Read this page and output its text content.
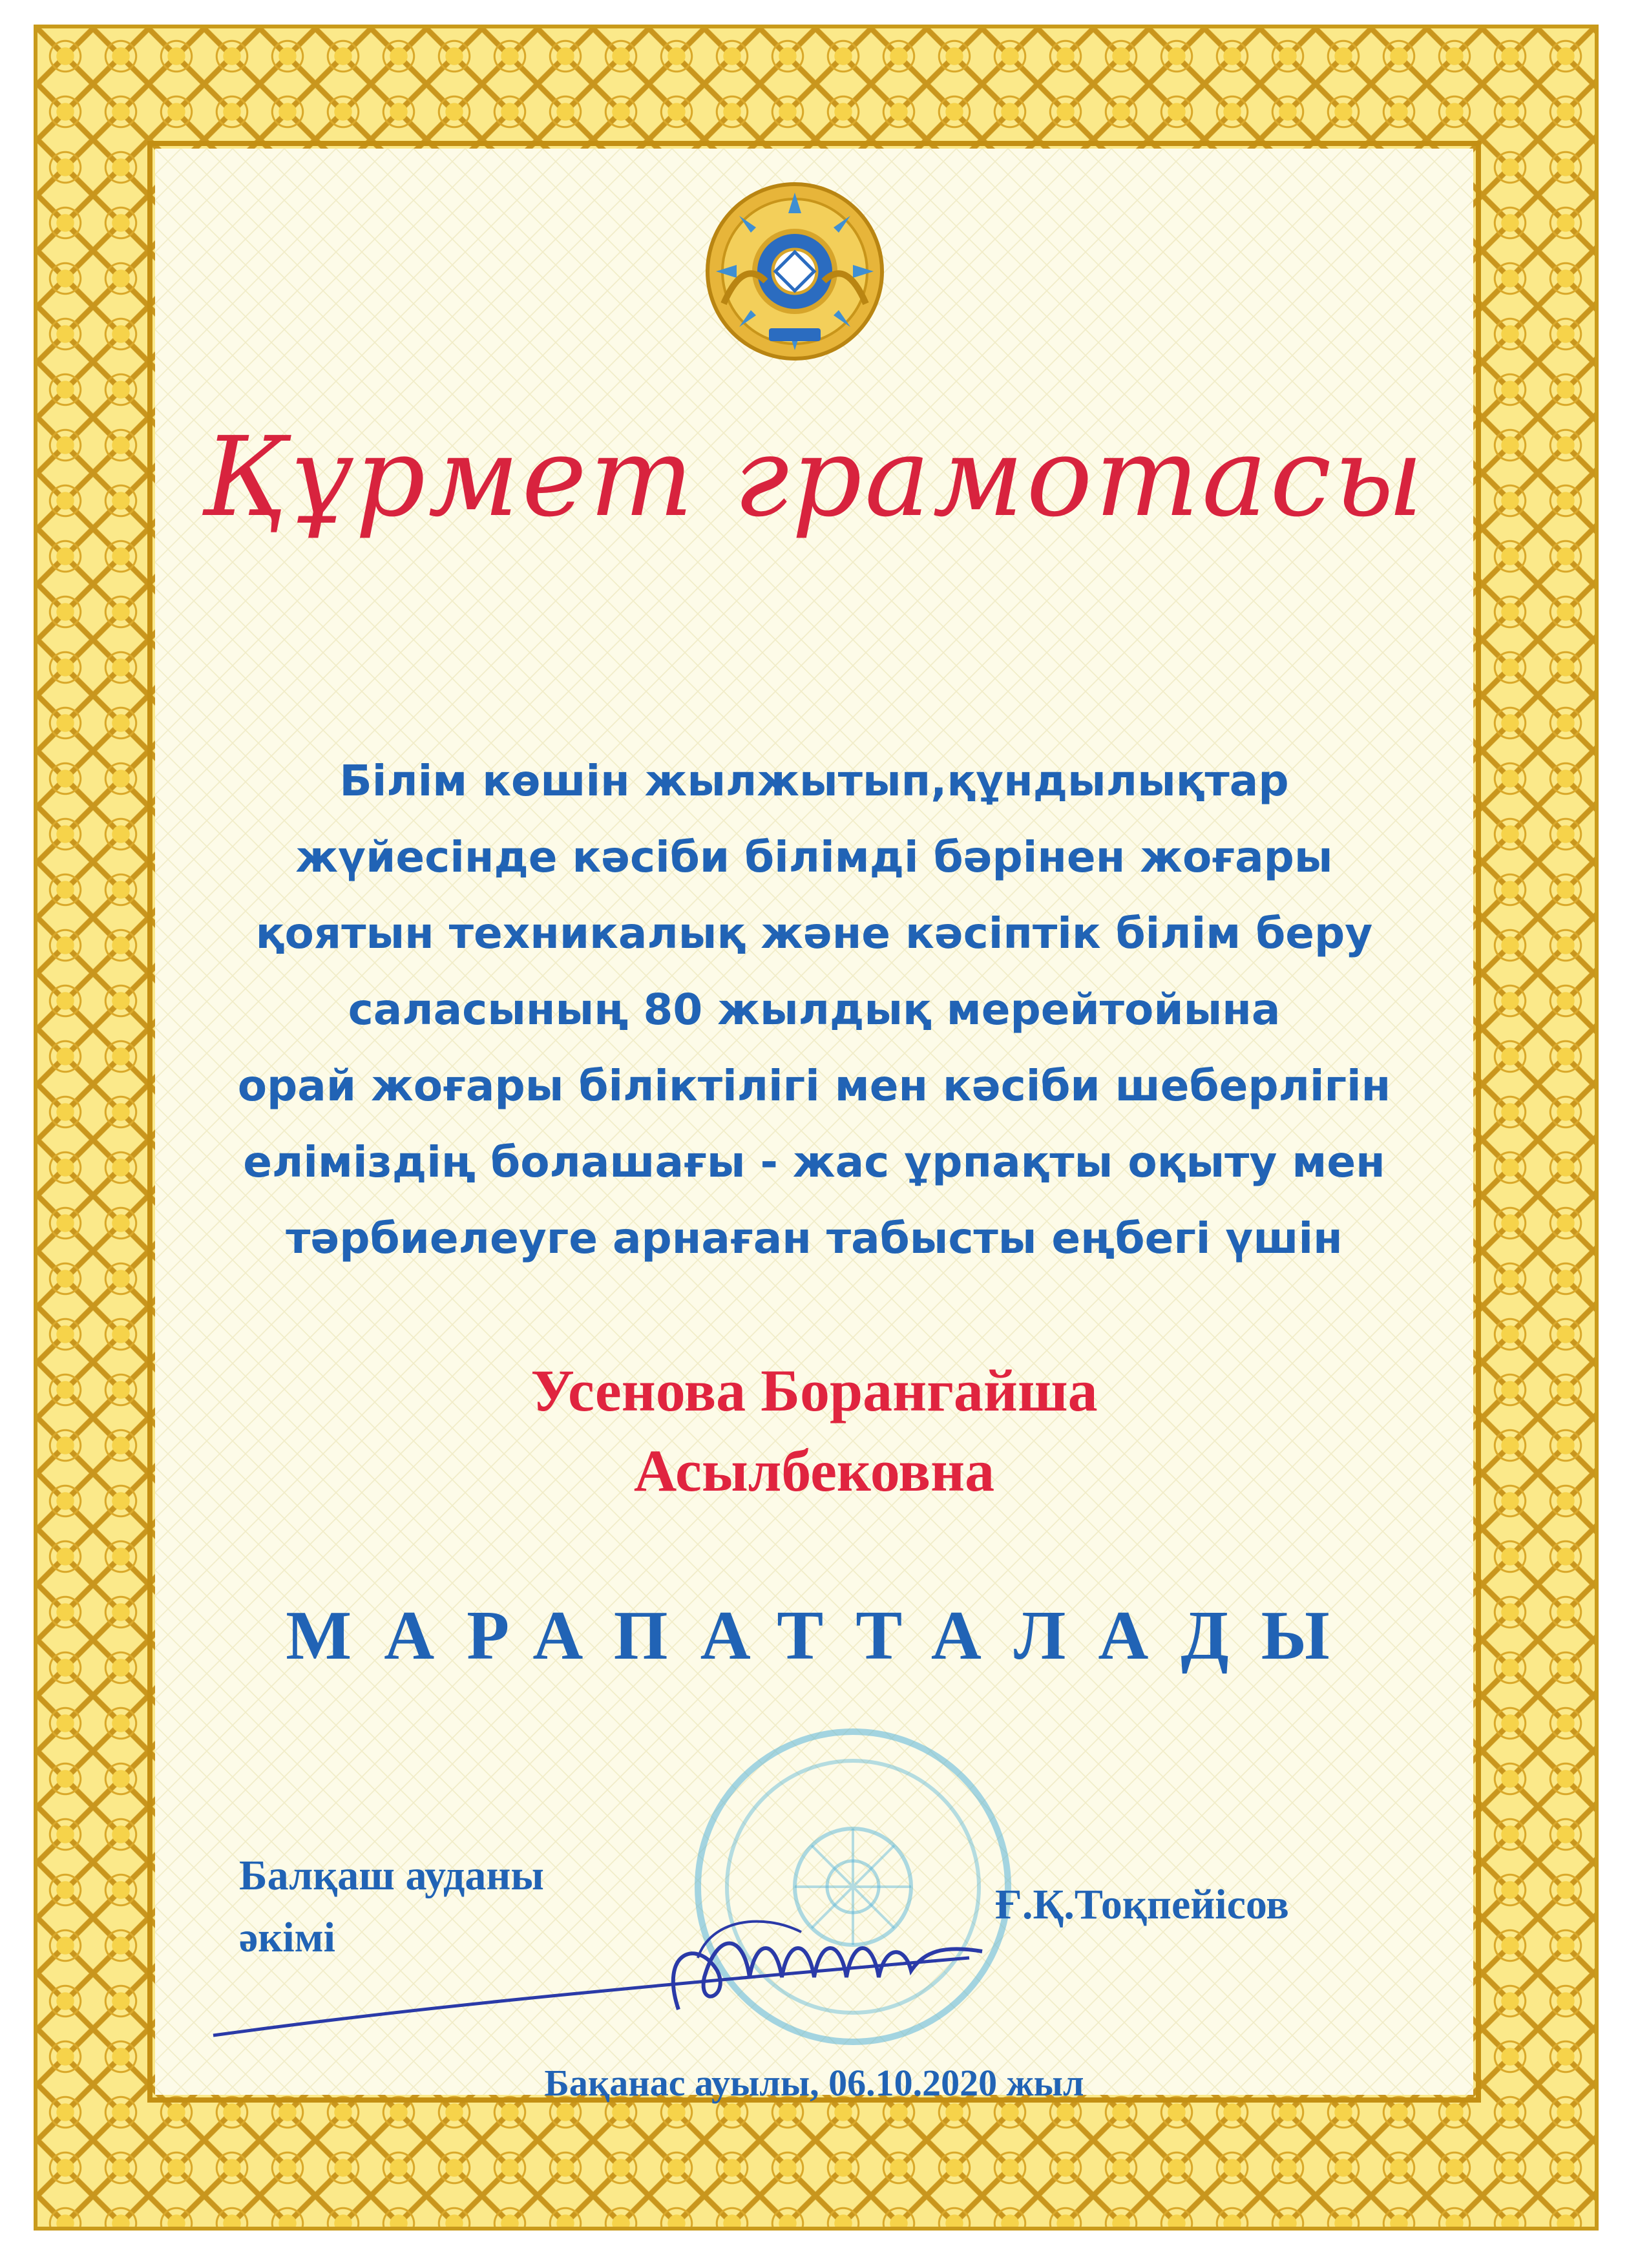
Құрмет грамотасы
Білім көшін жылжытып,құндылықтар
жүйесінде кәсіби білімді бәрінен жоғары
қоятын техникалық және кәсіптік білім беру
саласының 80 жылдық мерейтойына
орай жоғары біліктілігі мен кәсіби шеберлігін
еліміздің болашағы - жас ұрпақты оқыту мен
тәрбиелеуге арнаған табысты еңбегі үшін
Усенова Борангайша
Асылбековна
МАРАПАТТАЛАДЫ
Балқаш ауданы
әкімі
Ғ.Қ.Тоқпейісов
Бақанас ауылы, 06.10.2020 жыл
